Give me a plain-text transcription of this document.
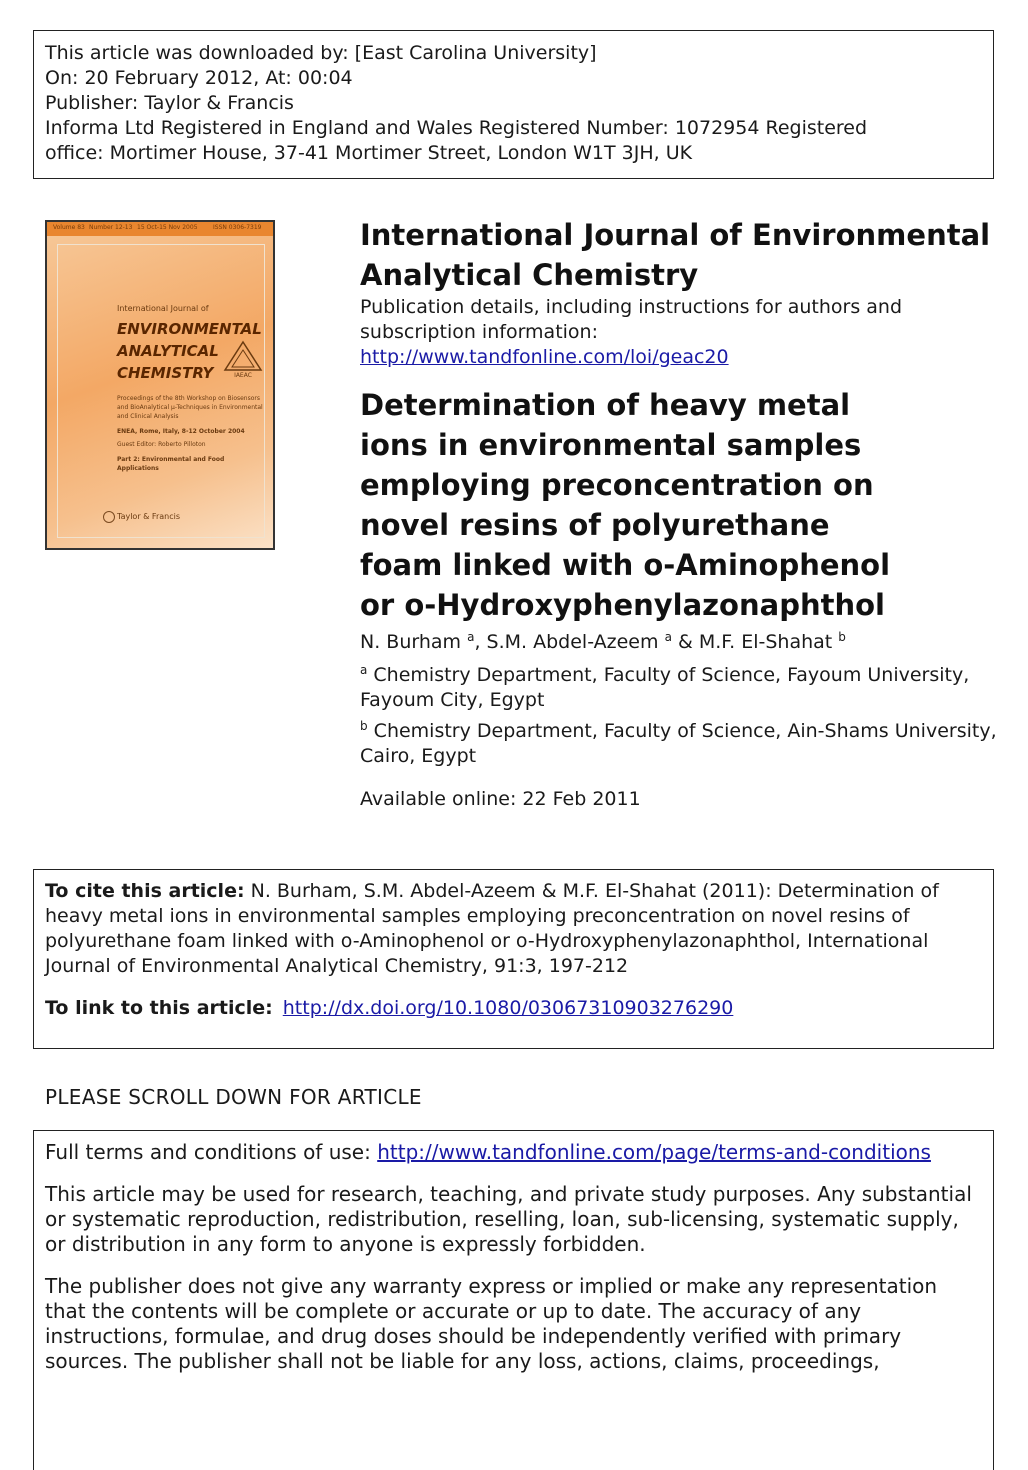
This article was downloaded by: [East Carolina University]
On: 20 February 2012, At: 00:04
Publisher: Taylor & Francis
Informa Ltd Registered in England and Wales Registered Number: 1072954 Registered
office: Mortimer House, 37-41 Mortimer Street, London W1T 3JH, UK
Volume 83 Number 12-13 15 Oct-15 Nov 2005	ISSN 0306-7319
International Journal of
ENVIRONMENTAL
ANALYTICAL
CHEMISTRY	IAEAC
Proceedings of the 8th Workshop on Biosensors and BioAnalytical µ-Techniques in Environmental and Clinical Analysis
ENEA, Rome, Italy, 8-12 October 2004
Guest Editor: Roberto Pilloton
Part 2: Environmental and Food Applications
Taylor & Francis
International Journal of Environmental Analytical Chemistry
Publication details, including instructions for authors and subscription information:
http://www.tandfonline.com/loi/geac20
Determination of heavy metal ions in environmental samples employing preconcentration on novel resins of polyurethane foam linked with o-Aminophenol or o-Hydroxyphenylazonaphthol
N. Burham $^a$, S.M. Abdel-Azeem $^a$ & M.F. El-Shahat $^b$
$^a$ Chemistry Department, Faculty of Science, Fayoum University, Fayoum City, Egypt
$^b$ Chemistry Department, Faculty of Science, Ain-Shams University, Cairo, Egypt
Available online: 22 Feb 2011

To cite this article: N. Burham, S.M. Abdel-Azeem & M.F. El-Shahat (2011): Determination of heavy metal ions in environmental samples employing preconcentration on novel resins of polyurethane foam linked with o-Aminophenol or o-Hydroxyphenylazonaphthol, International Journal of Environmental Analytical Chemistry, 91:3, 197-212

To link to this article: http://dx.doi.org/10.1080/03067310903276290
PLEASE SCROLL DOWN FOR ARTICLE

Full terms and conditions of use: http://www.tandfonline.com/page/terms-and-conditions

This article may be used for research, teaching, and private study purposes. Any substantial or systematic reproduction, redistribution, reselling, loan, sub-licensing, systematic supply, or distribution in any form to anyone is expressly forbidden.

The publisher does not give any warranty express or implied or make any representation that the contents will be complete or accurate or up to date. The accuracy of any instructions, formulae, and drug doses should be independently verified with primary sources. The publisher shall not be liable for any loss, actions, claims, proceedings,
